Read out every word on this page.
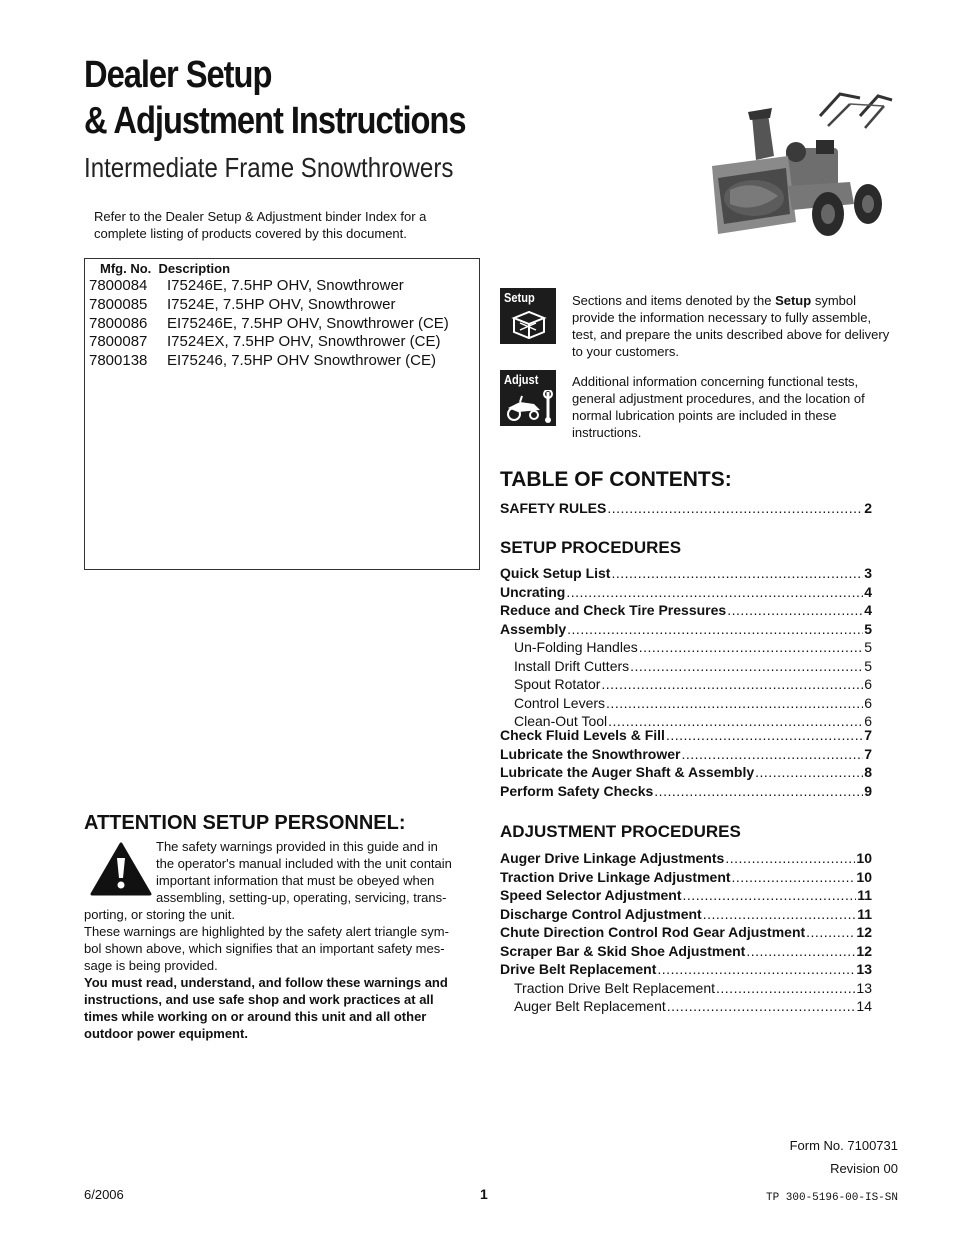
Dealer Setup
& Adjustment Instructions
Intermediate Frame Snowthrowers
Refer to the Dealer Setup & Adjustment binder Index for a complete listing of products covered by this document.
Mfg. No. Description
7800084 I75246E, 7.5HP OHV, Snowthrower
7800085 I7524E, 7.5HP OHV, Snowthrower
7800086 EI75246E, 7.5HP OHV, Snowthrower (CE)
7800087 I7524EX, 7.5HP OHV, Snowthrower (CE)
7800138 EI75246, 7.5HP OHV Snowthrower (CE)
Setup	Sections and items denoted by the Setup symbol provide the information necessary to fully assemble, test, and prepare the units described above for delivery to your customers.
Adjust	Additional information concerning functional tests, general adjustment procedures, and the location of normal lubrication points are included in these instructions.
TABLE OF CONTENTS:
SAFETY RULES .....	2
SETUP PROCEDURES
Quick Setup List .....	3
Uncrating .....	4
Reduce and Check Tire Pressures .....	4
Assembly .....	5
Un-Folding Handles .....	5
Install Drift Cutters .....	5
Spout Rotator .....	6
Control Levers .....	6
Clean-Out Tool .....	6
Check Fluid Levels & Fill .....	7
Lubricate the Snowthrower .....	7
Lubricate the Auger Shaft & Assembly .....	8
Perform Safety Checks .....	9
ADJUSTMENT PROCEDURES
Auger Drive Linkage Adjustments .....	10
Traction Drive Linkage Adjustment .....	10
Speed Selector Adjustment .....	11
Discharge Control Adjustment .....	11
Chute Direction Control Rod Gear Adjustment .....	12
Scraper Bar & Skid Shoe Adjustment .....	12
Drive Belt Replacement .....	13
Traction Drive Belt Replacement .....	13
Auger Belt Replacement .....	14
ATTENTION SETUP PERSONNEL:
The safety warnings provided in this guide and in
the operator's manual included with the unit contain
important information that must be obeyed when
assembling, setting-up, operating, servicing, trans-
porting, or storing the unit.
These warnings are highlighted by the safety alert triangle sym-
bol shown above, which signifies that an important safety mes-
sage is being provided.
You must read, understand, and follow these warnings and
instructions, and use safe shop and work practices at all
times while working on or around this unit and all other
outdoor power equipment.
Form No. 7100731
Revision 00
6/2006	1	TP 300-5196-00-IS-SN
